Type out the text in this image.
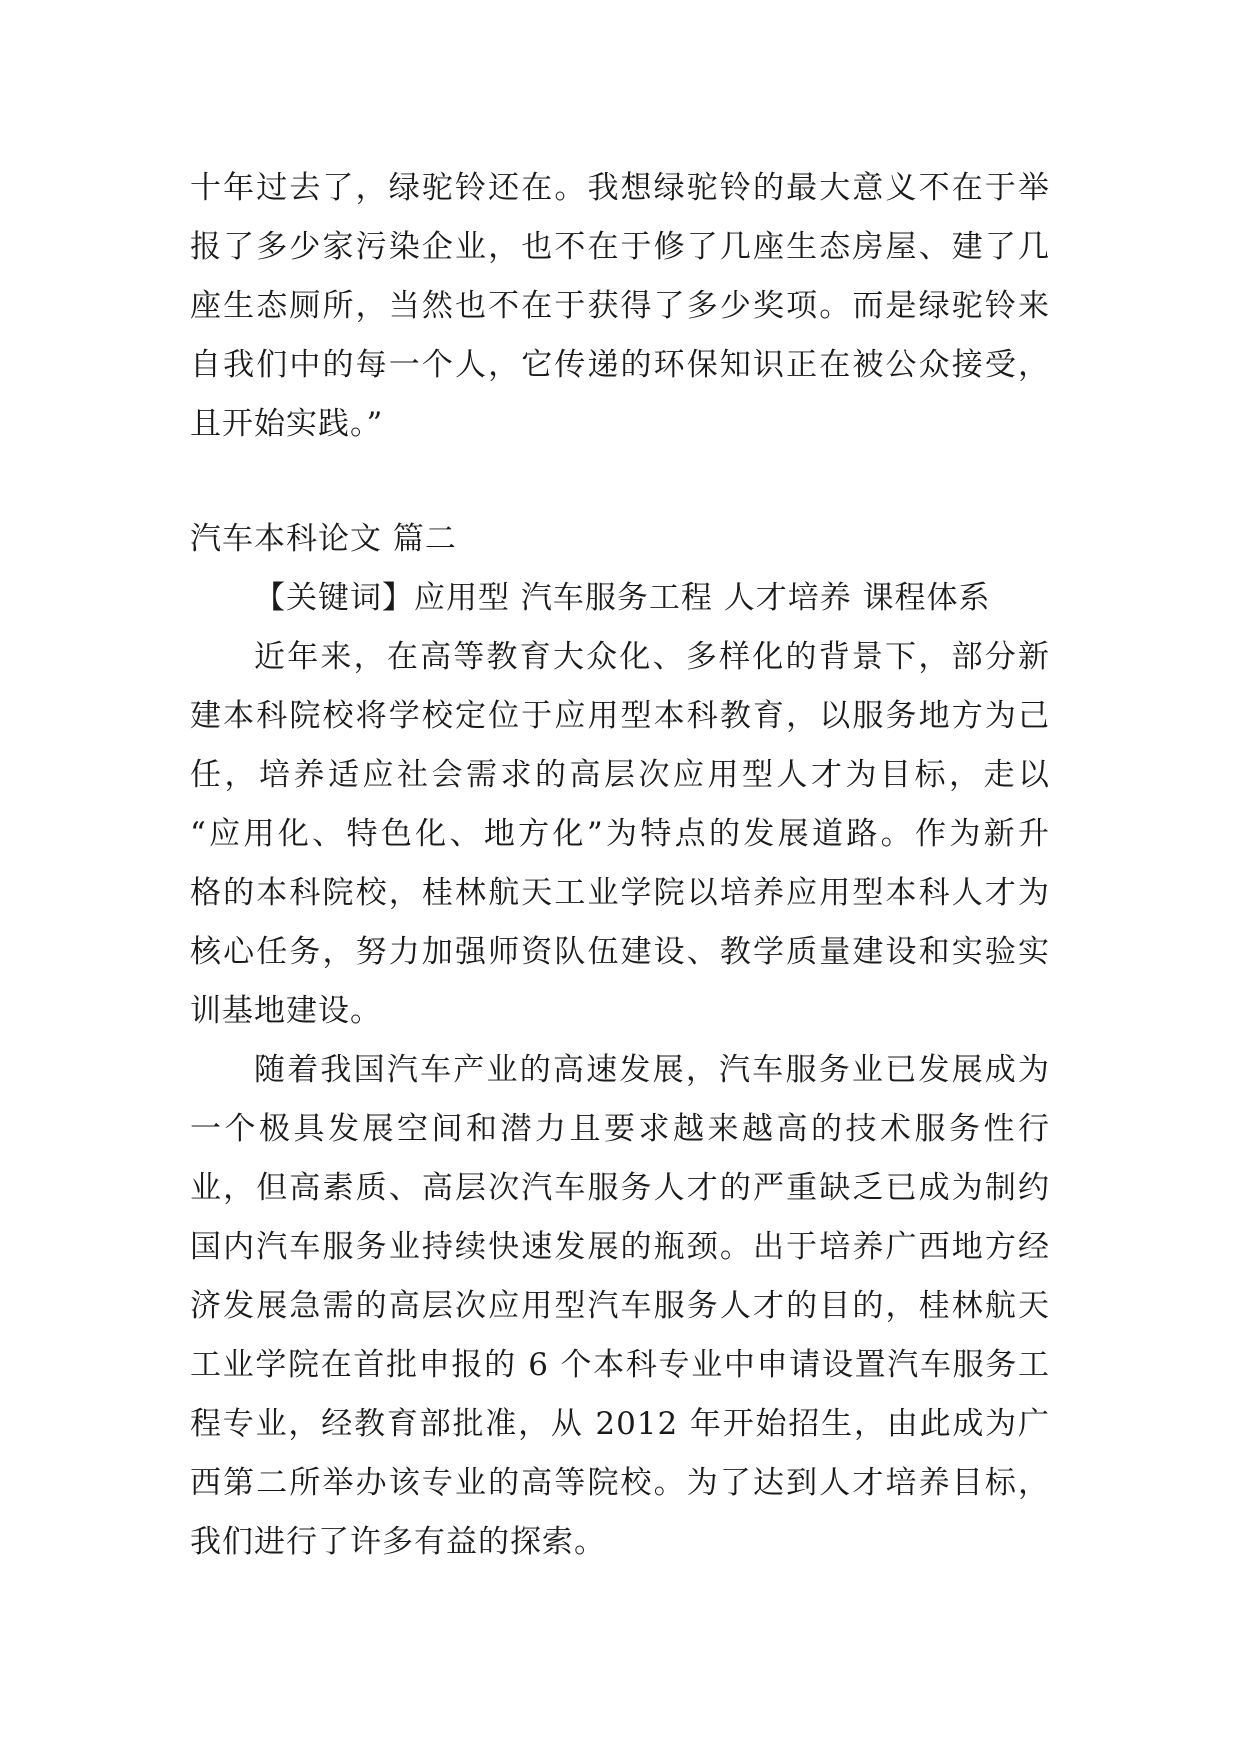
十年过去了，绿驼铃还在。我想绿驼铃的最大意义不在于举

报了多少家污染企业，也不在于修了几座生态房屋、建了几

座生态厕所，当然也不在于获得了多少奖项。而是绿驼铃来

自我们中的每一个人，它传递的环保知识正在被公众接受，

且开始实践。”

汽车本科论文 篇二

【关键词】应用型 汽车服务工程 人才培养 课程体系

近年来，在高等教育大众化、多样化的背景下，部分新

建本科院校将学校定位于应用型本科教育，以服务地方为己

任，培养适应社会需求的高层次应用型人才为目标，走以

“应用化、特色化、地方化”为特点的发展道路。作为新升

格的本科院校，桂林航天工业学院以培养应用型本科人才为

核心任务，努力加强师资队伍建设、教学质量建设和实验实

训基地建设。

随着我国汽车产业的高速发展，汽车服务业已发展成为

一个极具发展空间和潜力且要求越来越高的技术服务性行

业，但高素质、高层次汽车服务人才的严重缺乏已成为制约

国内汽车服务业持续快速发展的瓶颈。出于培养广西地方经

济发展急需的高层次应用型汽车服务人才的目的，桂林航天

工业学院在首批申报的 6 个本科专业中申请设置汽车服务工

程专业，经教育部批准，从 2012 年开始招生，由此成为广

西第二所举办该专业的高等院校。为了达到人才培养目标，

我们进行了许多有益的探索。
